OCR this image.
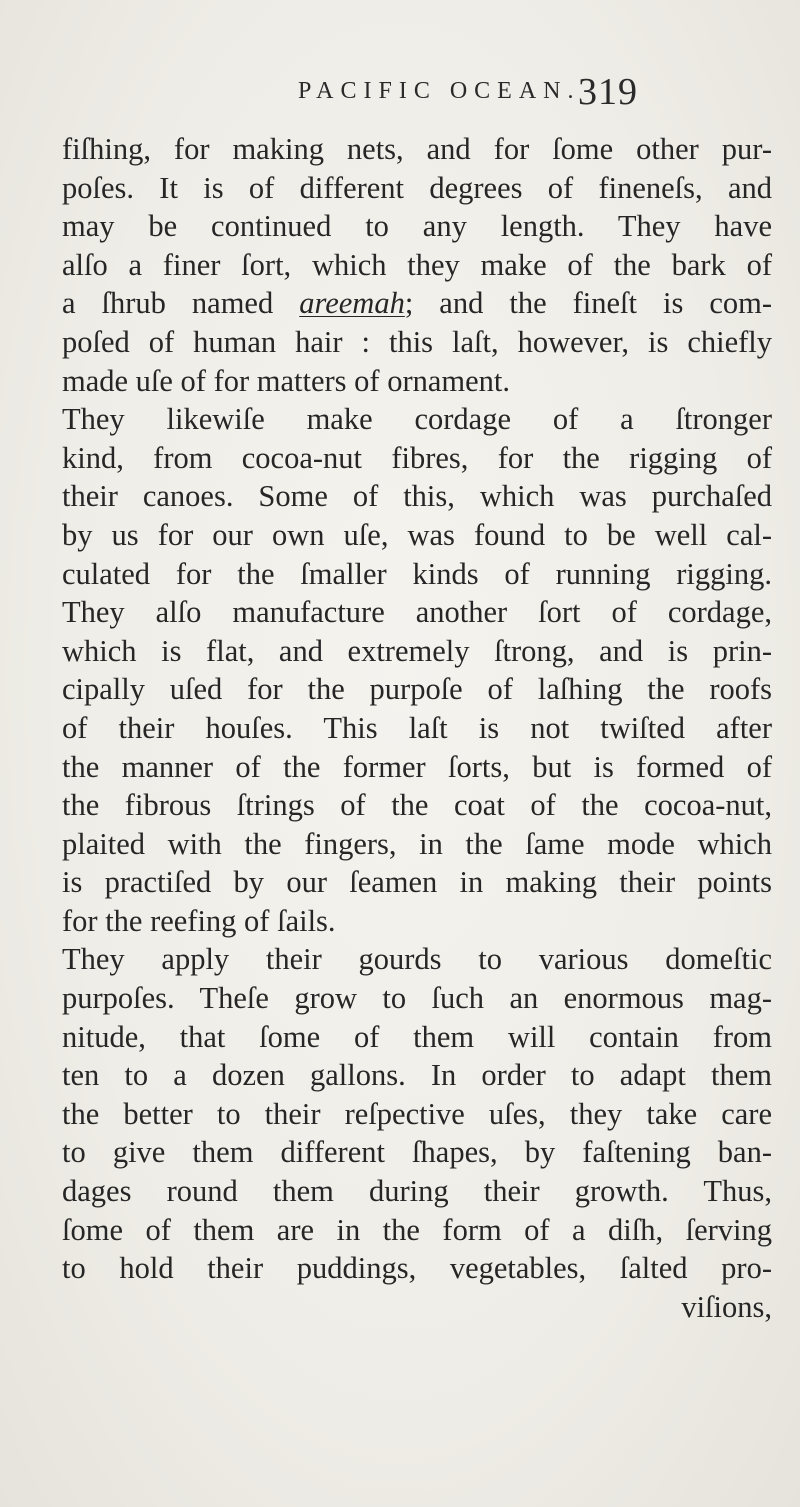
PACIFIC OCEAN.
319
fiſhing, for making nets, and for ſome other pur-
poſes. It is of different degrees of fineneſs, and
may be continued to any length. They have
alſo a finer ſort, which they make of the bark of
a ſhrub named areemah; and the fineſt is com-
poſed of human hair : this laſt, however, is chiefly
made uſe of for matters of ornament.
They likewiſe make cordage of a ſtronger
kind, from cocoa-nut fibres, for the rigging of
their canoes. Some of this, which was purchaſed
by us for our own uſe, was found to be well cal-
culated for the ſmaller kinds of running rigging.
They alſo manufacture another ſort of cordage,
which is flat, and extremely ſtrong, and is prin-
cipally uſed for the purpoſe of laſhing the roofs
of their houſes. This laſt is not twiſted after
the manner of the former ſorts, but is formed of
the fibrous ſtrings of the coat of the cocoa-nut,
plaited with the fingers, in the ſame mode which
is practiſed by our ſeamen in making their points
for the reefing of ſails.
They apply their gourds to various domeſtic
purpoſes. Theſe grow to ſuch an enormous mag-
nitude, that ſome of them will contain from
ten to a dozen gallons. In order to adapt them
the better to their reſpective uſes, they take care
to give them different ſhapes, by faſtening ban-
dages round them during their growth. Thus,
ſome of them are in the form of a diſh, ſerving
to hold their puddings, vegetables, ſalted pro-
viſions,
